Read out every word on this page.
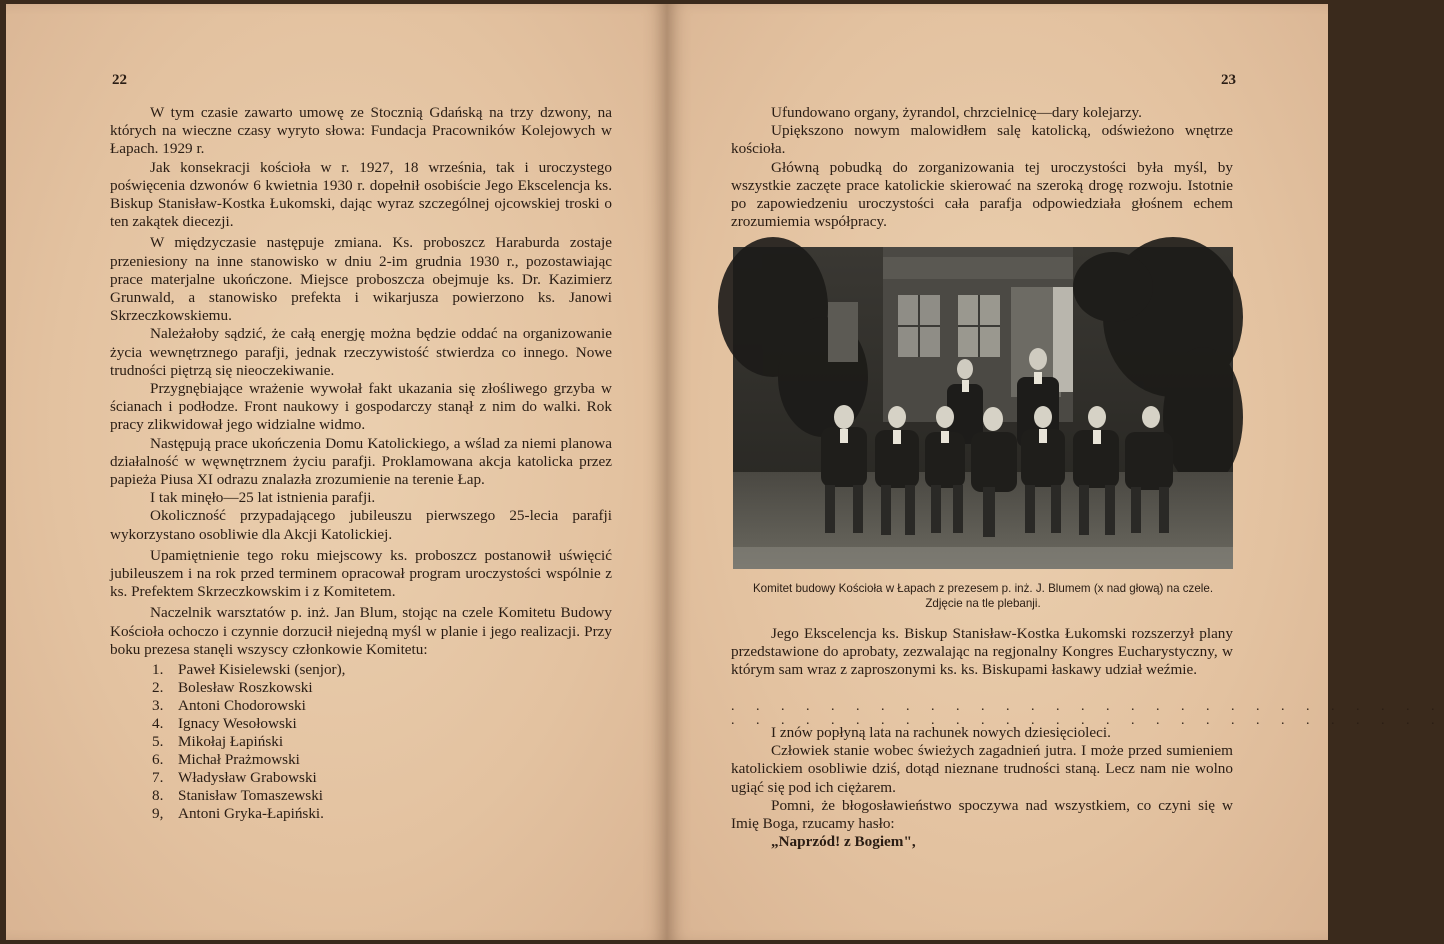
22

W tym czasie zawarto umowę ze Stocznią Gdańską na trzy dzwony, na których na wieczne czasy wyryto słowa: Fundacja Pracowników Kolejowych w Łapach. 1929 r.

Jak konsekracji kościoła w r. 1927, 18 września, tak i uroczystego poświęcenia dzwonów 6 kwietnia 1930 r. dopełnił osobiście Jego Ekscelencja ks. Biskup Stanisław-Kostka Łukomski, dając wyraz szczególnej ojcowskiej troski o ten zakątek diecezji.

W międzyczasie następuje zmiana. Ks. proboszcz Haraburda zostaje przeniesiony na inne stanowisko w dniu 2-im grudnia 1930 r., pozostawiając prace materjalne ukończone. Miejsce proboszcza obejmuje ks. Dr. Kazimierz Grunwald, a stanowisko prefekta i wikarjusza powierzono ks. Janowi Skrzeczkowskiemu.

Należałoby sądzić, że całą energję można będzie oddać na organizowanie życia wewnętrznego parafji, jednak rzeczywistość stwierdza co innego. Nowe trudności piętrzą się nieoczekiwanie.

Przygnębiające wrażenie wywołał fakt ukazania się złośliwego grzyba w ścianach i podłodze. Front naukowy i gospodarczy stanął z nim do walki. Rok pracy zlikwidował jego widzialne widmo.

Następują prace ukończenia Domu Katolickiego, a wślad za niemi planowa działalność w węwnętrznem życiu parafji. Proklamowana akcja katolicka przez papieża Piusa XI odrazu znalazła zrozumienie na terenie Łap.

I tak minęło—25 lat istnienia parafji.

Okoliczność przypadającego jubileuszu pierwszego 25-lecia parafji wykorzystano osobliwie dla Akcji Katolickiej.

Upamiętnienie tego roku miejscowy ks. proboszcz postanowił uświęcić jubileuszem i na rok przed terminem opracował program uroczystości wspólnie z ks. Prefektem Skrzeczkowskim i z Komitetem.

Naczelnik warsztatów p. inż. Jan Blum, stojąc na czele Komitetu Budowy Kościoła ochoczo i czynnie dorzucił niejedną myśl w planie i jego realizacji. Przy boku prezesa stanęli wszyscy członkowie Komitetu:

1. Paweł Kisielewski (senjor),
2. Bolesław Roszkowski
3. Antoni Chodorowski
4. Ignacy Wesołowski
5. Mikołaj Łapiński
6. Michał Prażmowski
7. Władysław Grabowski
8. Stanisław Tomaszewski
9, Antoni Gryka-Łapiński.
23

Ufundowano organy, żyrandol, chrzcielnicę—dary kolejarzy.

Upiększono nowym malowidłem salę katolicką, odświeżono wnętrze kościoła.

Główną pobudką do zorganizowania tej uroczystości była myśl, by wszystkie zaczęte prace katolickie skierować na szeroką drogę rozwoju. Istotnie po zapowiedzeniu uroczystości cała parafja odpowiedziała głośnem echem zrozumiemia współpracy.

Komitet budowy Kościoła w Łapach z prezesem p. inż. J. Blumem (x nad głową) na czele.
Zdjęcie na tle plebanji.

Jego Ekscelencja ks. Biskup Stanisław-Kostka Łukomski rozszerzył plany przedstawione do aprobaty, zezwalając na regjonalny Kongres Eucharystyczny, w którym sam wraz z zaproszonymi ks. ks. Biskupami łaskawy udział weźmie.

. . . . . . . . . . . . . . . . . . . . . . . . . . . . .
. . . . . . . . . . . . . . . . . . . . . . . . . . . . .

I znów popłyną lata na rachunek nowych dziesięcioleci.

Człowiek stanie wobec świeżych zagadnień jutra. I może przed sumieniem katolickiem osobliwie dziś, dotąd nieznane trudności staną. Lecz nam nie wolno ugiąć się pod ich ciężarem.

Pomni, że błogosławieństwo spoczywa nad wszystkiem, co czyni się w Imię Boga, rzucamy hasło:

„Naprzód! z Bogiem",
